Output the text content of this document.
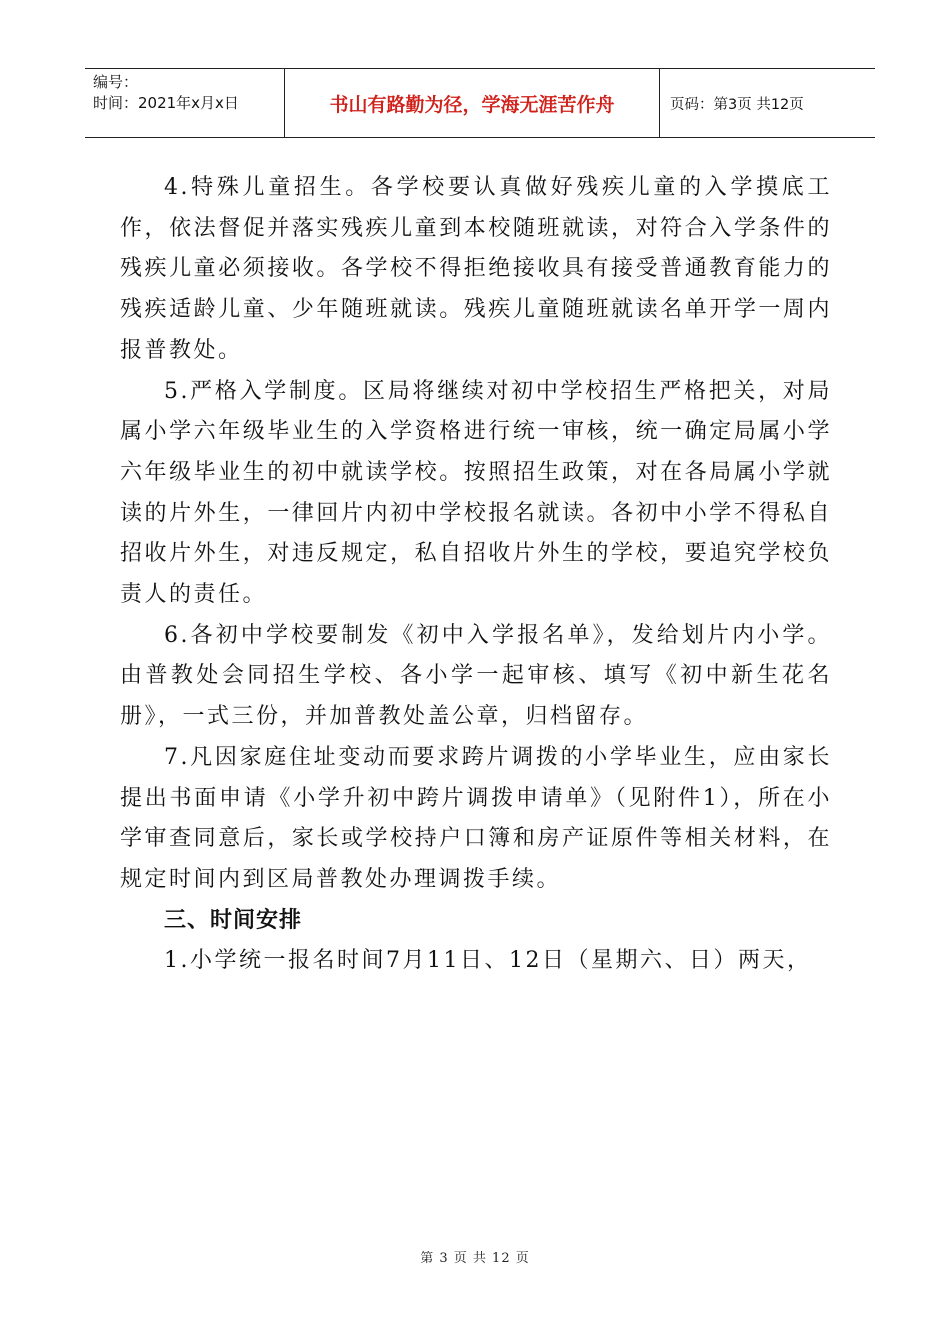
编号：
时间：2021年x月x日	书山有路勤为径，学海无涯苦作舟	页码：第3页 共12页

4.特殊儿童招生。各学校要认真做好残疾儿童的入学摸底工作，依法督促并落实残疾儿童到本校随班就读，对符合入学条件的残疾儿童必须接收。各学校不得拒绝接收具有接受普通教育能力的残疾适龄儿童、少年随班就读。残疾儿童随班就读名单开学一周内报普教处。

5.严格入学制度。区局将继续对初中学校招生严格把关，对局属小学六年级毕业生的入学资格进行统一审核，统一确定局属小学六年级毕业生的初中就读学校。按照招生政策，对在各局属小学就读的片外生，一律回片内初中学校报名就读。各初中小学不得私自招收片外生，对违反规定，私自招收片外生的学校，要追究学校负责人的责任。

6.各初中学校要制发《初中入学报名单》，发给划片内小学。由普教处会同招生学校、各小学一起审核、填写《初中新生花名册》，一式三份，并加普教处盖公章，归档留存。

7.凡因家庭住址变动而要求跨片调拨的小学毕业生，应由家长提出书面申请《小学升初中跨片调拨申请单》（见附件1），所在小学审查同意后，家长或学校持户口簿和房产证原件等相关材料，在规定时间内到区局普教处办理调拨手续。

三、时间安排

1.小学统一报名时间7月11日、12日（星期六、日）两天，

第 3 页 共 12 页
